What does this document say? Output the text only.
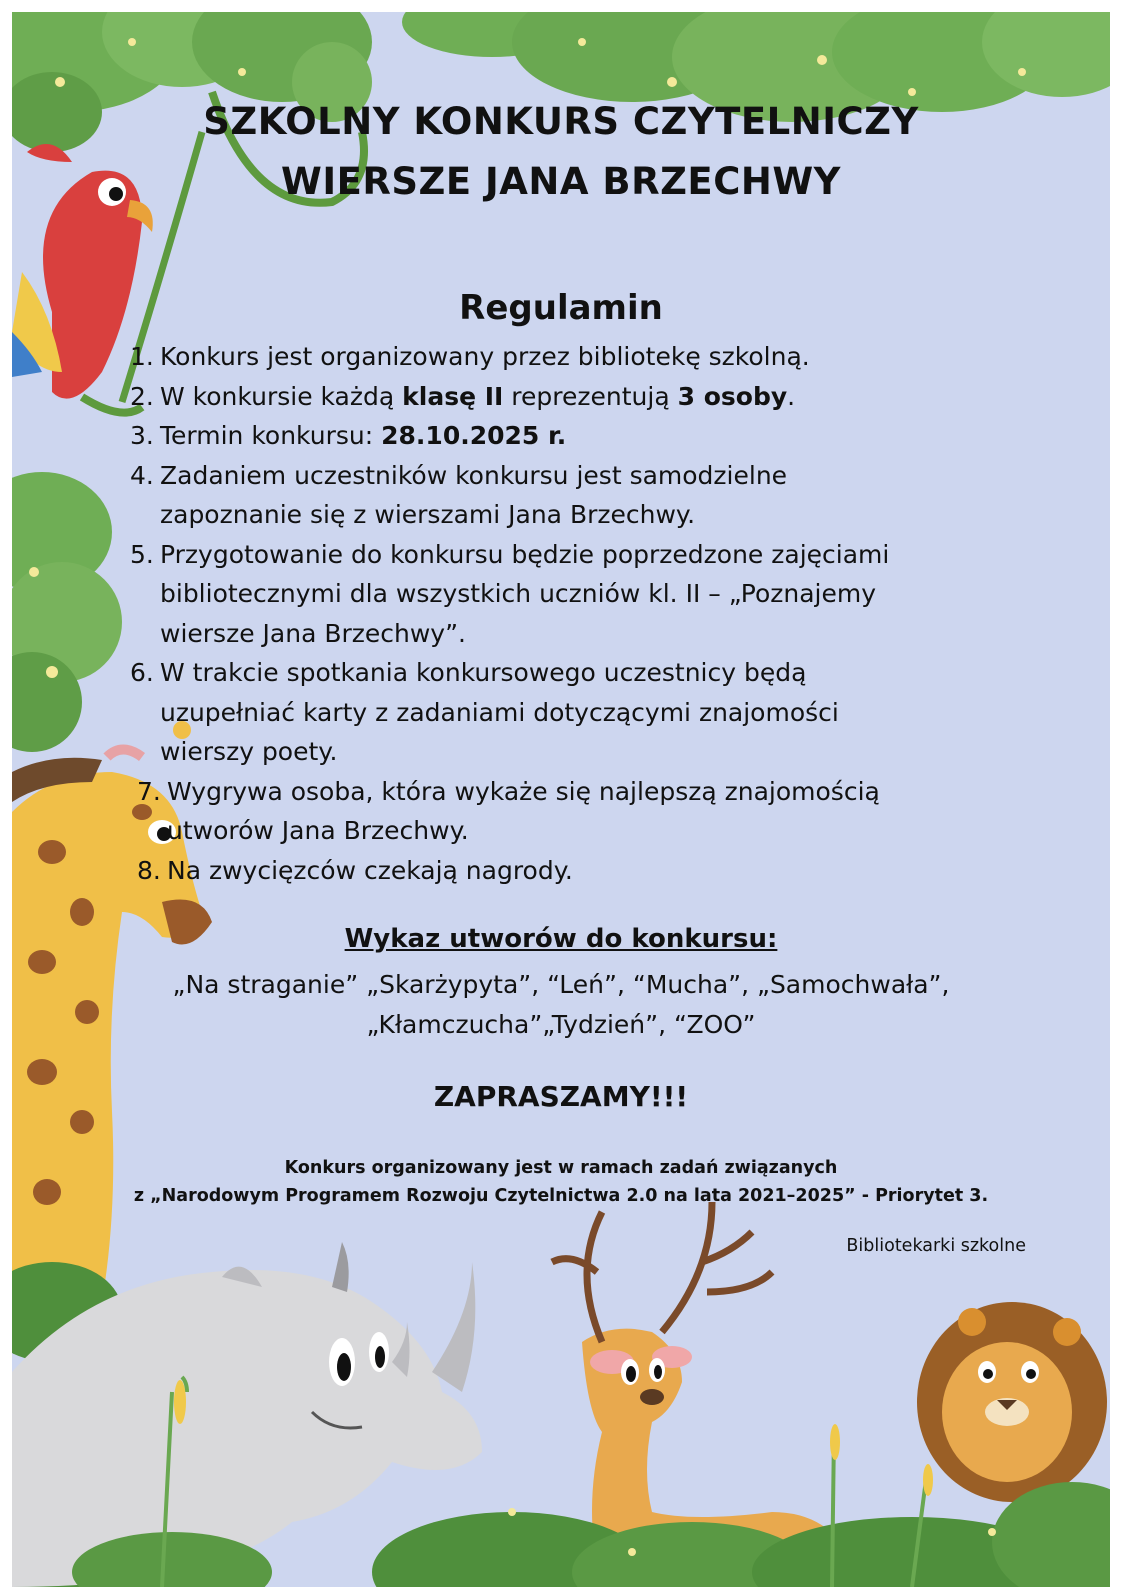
SZKOLNY KONKURS CZYTELNICZY
WIERSZE JANA BRZECHWY
Regulamin
1. Konkurs jest organizowany przez bibliotekę szkolną.
2. W konkursie każdą klasę II reprezentują 3 osoby.
3. Termin konkursu: 28.10.2025 r.
4. Zadaniem uczestników konkursu jest samodzielne
zapoznanie się z wierszami Jana Brzechwy.
5. Przygotowanie do konkursu będzie poprzedzone zajęciami
bibliotecznymi dla wszystkich uczniów kl. II – „Poznajemy
wiersze Jana Brzechwy”.
6. W trakcie spotkania konkursowego uczestnicy będą
uzupełniać karty z zadaniami dotyczącymi znajomości
wierszy poety.
7. Wygrywa osoba, która wykaże się najlepszą znajomością
utworów Jana Brzechwy.
8. Na zwycięzców czekają nagrody.
Wykaz utworów do konkursu:
„Na straganie” „Skarżypyta”, “Leń”, “Mucha”, „Samochwała”,
„Kłamczucha”„Tydzień”, “ZOO”
ZAPRASZAMY!!!
Konkurs organizowany jest w ramach zadań związanych
z „Narodowym Programem Rozwoju Czytelnictwa 2.0 na lata 2021–2025” - Priorytet 3.
Bibliotekarki szkolne
